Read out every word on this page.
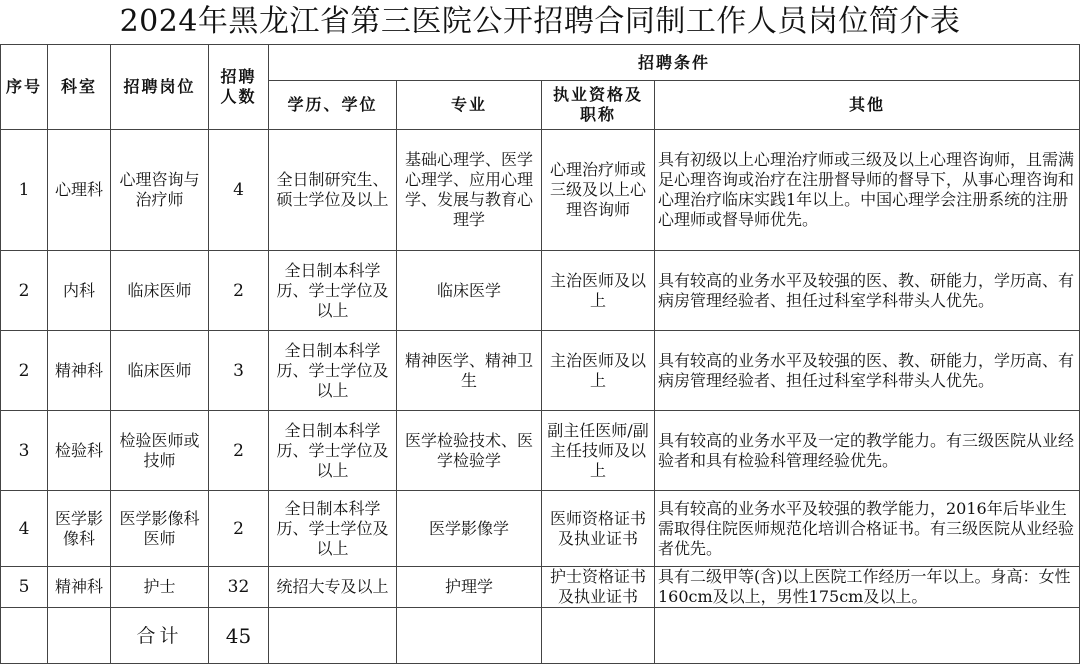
2024年黑龙江省第三医院公开招聘合同制工作人员岗位简介表
序号	科室	招聘岗位	招聘人数	招聘条件			
				学历、学位	专业	执业资格及职称	其他
1	心理科	心理咨询与治疗师	4	全日制研究生、硕士学位及以上	基础心理学、医学心理学、应用心理学、发展与教育心理学	心理治疗师或三级及以上心理咨询师	具有初级以上心理治疗师或三级及以上心理咨询师，且需满足心理咨询或治疗在注册督导师的督导下，从事心理咨询和心理治疗临床实践1年以上。中国心理学会注册系统的注册心理师或督导师优先。
2	内科	临床医师	2	全日制本科学历、学士学位及以上	临床医学	主治医师及以上	具有较高的业务水平及较强的医、教、研能力，学历高、有病房管理经验者、担任过科室学科带头人优先。
2	精神科	临床医师	3	全日制本科学历、学士学位及以上	精神医学、精神卫生	主治医师及以上	具有较高的业务水平及较强的医、教、研能力，学历高、有病房管理经验者、担任过科室学科带头人优先。
3	检验科	检验医师或技师	2	全日制本科学历、学士学位及以上	医学检验技术、医学检验学	副主任医师/副主任技师及以上	具有较高的业务水平及一定的教学能力。有三级医院从业经验者和具有检验科管理经验优先。
4	医学影像科	医学影像科医师	2	全日制本科学历、学士学位及以上	医学影像学	医师资格证书及执业证书	具有较高的业务水平及较强的教学能力，2016年后毕业生需取得住院医师规范化培训合格证书。有三级医院从业经验者优先。
5	精神科	护士	32	统招大专及以上	护理学	护士资格证书及执业证书	具有二级甲等(含)以上医院工作经历一年以上。身高：女性160cm及以上，男性175cm及以上。
		合计	45				
